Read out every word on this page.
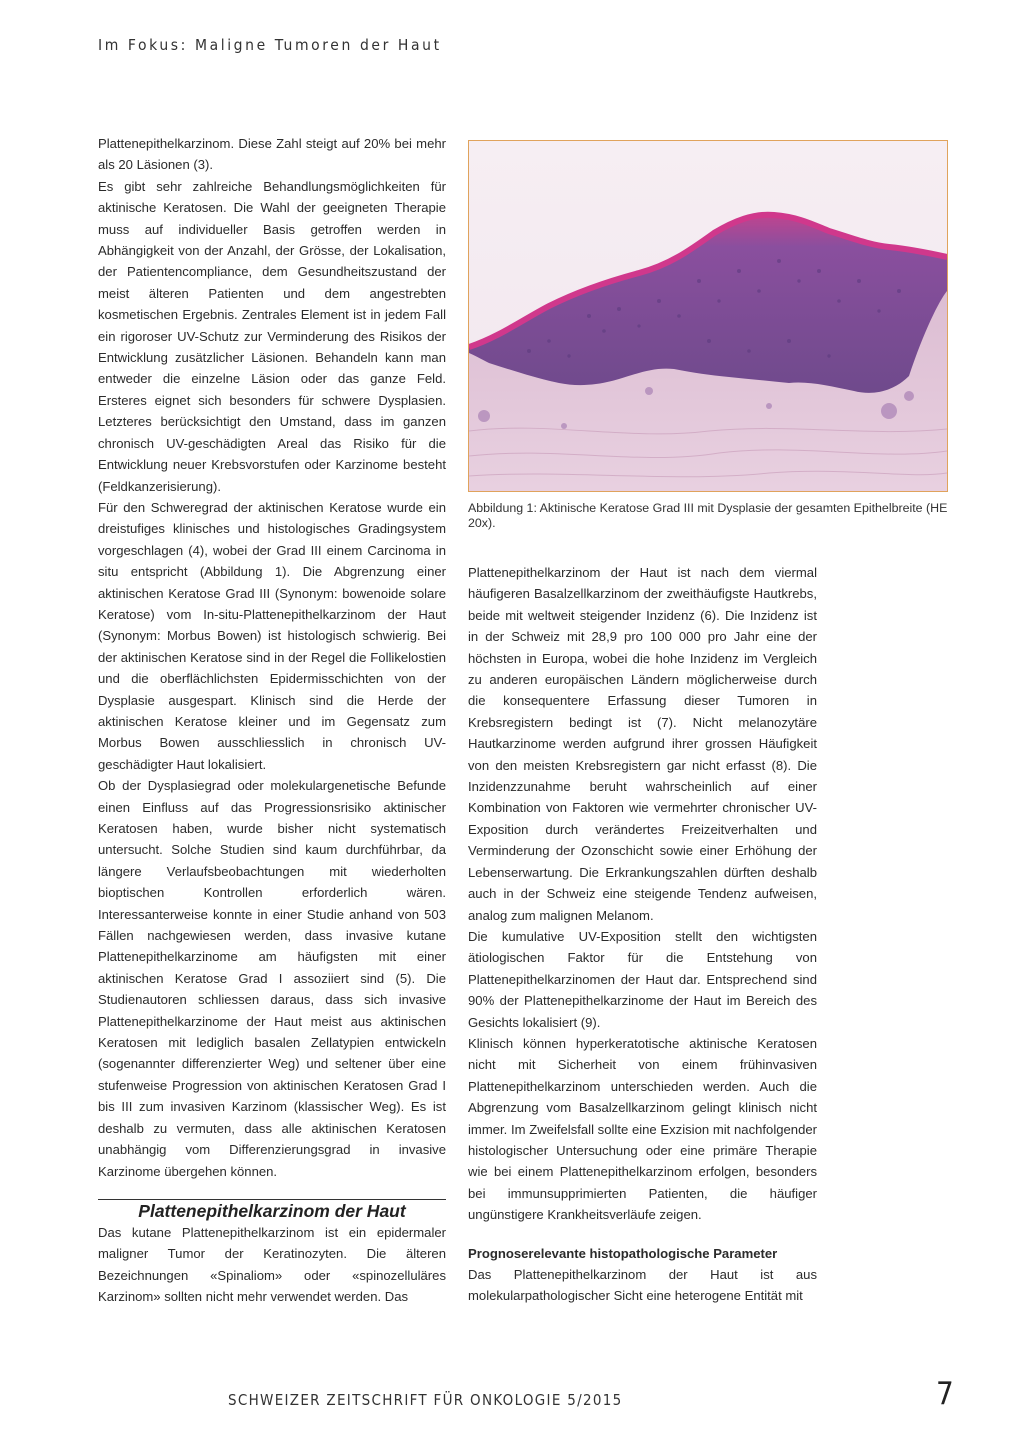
Im Fokus: Maligne Tumoren der Haut

Plattenepithelkarzinom. Diese Zahl steigt auf 20% bei mehr als 20 Läsionen (3).

Es gibt sehr zahlreiche Behandlungsmöglichkeiten für aktinische Keratosen. Die Wahl der geeigneten Therapie muss auf individueller Basis getroffen werden in Abhängigkeit von der Anzahl, der Grösse, der Lokalisation, der Patientencompliance, dem Gesundheitszustand der meist älteren Patienten und dem angestrebten kosmetischen Ergebnis. Zentrales Element ist in jedem Fall ein rigoroser UV-Schutz zur Verminderung des Risikos der Entwicklung zusätzlicher Läsionen. Behandeln kann man entweder die einzelne Läsion oder das ganze Feld. Ersteres eignet sich besonders für schwere Dysplasien. Letzteres berücksichtigt den Umstand, dass im ganzen chronisch UV-geschädigten Areal das Risiko für die Entwicklung neuer Krebsvorstufen oder Karzinome besteht (Feldkanzerisierung).

Für den Schweregrad der aktinischen Keratose wurde ein dreistufiges klinisches und histologisches Gradingsystem vorgeschlagen (4), wobei der Grad III einem Carcinoma in situ entspricht (Abbildung 1). Die Abgrenzung einer aktinischen Keratose Grad III (Synonym: bowenoide solare Keratose) vom In-situ-Plattenepithelkarzinom der Haut (Synonym: Morbus Bowen) ist histologisch schwierig. Bei der aktinischen Keratose sind in der Regel die Follikelostien und die oberflächlichsten Epidermisschichten von der Dysplasie ausgespart. Klinisch sind die Herde der aktinischen Keratose kleiner und im Gegensatz zum Morbus Bowen ausschliesslich in chronisch UV-geschädigter Haut lokalisiert.

Ob der Dysplasiegrad oder molekulargenetische Befunde einen Einfluss auf das Progressionsrisiko aktinischer Keratosen haben, wurde bisher nicht systematisch untersucht. Solche Studien sind kaum durchführbar, da längere Verlaufsbeobachtungen mit wiederholten bioptischen Kontrollen erforderlich wären. Interessanterweise konnte in einer Studie anhand von 503 Fällen nachgewiesen werden, dass invasive kutane Plattenepithelkarzinome am häufigsten mit einer aktinischen Keratose Grad I assoziiert sind (5). Die Studienautoren schliessen daraus, dass sich invasive Plattenepithelkarzinome der Haut meist aus aktinischen Keratosen mit lediglich basalen Zellatypien entwickeln (sogenannter differenzierter Weg) und seltener über eine stufenweise Progression von aktinischen Keratosen Grad I bis III zum invasiven Karzinom (klassischer Weg). Es ist deshalb zu vermuten, dass alle aktinischen Keratosen unabhängig vom Differenzierungsgrad in invasive Karzinome übergehen können.

Plattenepithelkarzinom der Haut

Das kutane Plattenepithelkarzinom ist ein epidermaler maligner Tumor der Keratinozyten. Die älteren Bezeichnungen «Spinaliom» oder «spinozelluläres Karzinom» sollten nicht mehr verwendet werden. Das

Abbildung 1: Aktinische Keratose Grad III mit Dysplasie der gesamten Epithelbreite (HE 20x).

Plattenepithelkarzinom der Haut ist nach dem viermal häufigeren Basalzellkarzinom der zweithäufigste Hautkrebs, beide mit weltweit steigender Inzidenz (6). Die Inzidenz ist in der Schweiz mit 28,9 pro 100 000 pro Jahr eine der höchsten in Europa, wobei die hohe Inzidenz im Vergleich zu anderen europäischen Ländern möglicherweise durch die konsequentere Erfassung dieser Tumoren in Krebsregistern bedingt ist (7). Nicht melanozytäre Hautkarzinome werden aufgrund ihrer grossen Häufigkeit von den meisten Krebsregistern gar nicht erfasst (8). Die Inzidenzzunahme beruht wahrscheinlich auf einer Kombination von Faktoren wie vermehrter chronischer UV-Exposition durch verändertes Freizeitverhalten und Verminderung der Ozonschicht sowie einer Erhöhung der Lebenserwartung. Die Erkrankungszahlen dürften deshalb auch in der Schweiz eine steigende Tendenz aufweisen, analog zum malignen Melanom.

Die kumulative UV-Exposition stellt den wichtigsten ätiologischen Faktor für die Entstehung von Plattenepithelkarzinomen der Haut dar. Entsprechend sind 90% der Plattenepithelkarzinome der Haut im Bereich des Gesichts lokalisiert (9).

Klinisch können hyperkeratotische aktinische Keratosen nicht mit Sicherheit von einem frühinvasiven Plattenepithelkarzinom unterschieden werden. Auch die Abgrenzung vom Basalzellkarzinom gelingt klinisch nicht immer. Im Zweifelsfall sollte eine Exzision mit nachfolgender histologischer Untersuchung oder eine primäre Therapie wie bei einem Plattenepithelkarzinom erfolgen, besonders bei immunsupprimierten Patienten, die häufiger ungünstigere Krankheitsverläufe zeigen.

Prognoserelevante histopathologische Parameter

Das Plattenepithelkarzinom der Haut ist aus molekularpathologischer Sicht eine heterogene Entität mit

SCHWEIZER ZEITSCHRIFT FÜR ONKOLOGIE 5/2015	7
